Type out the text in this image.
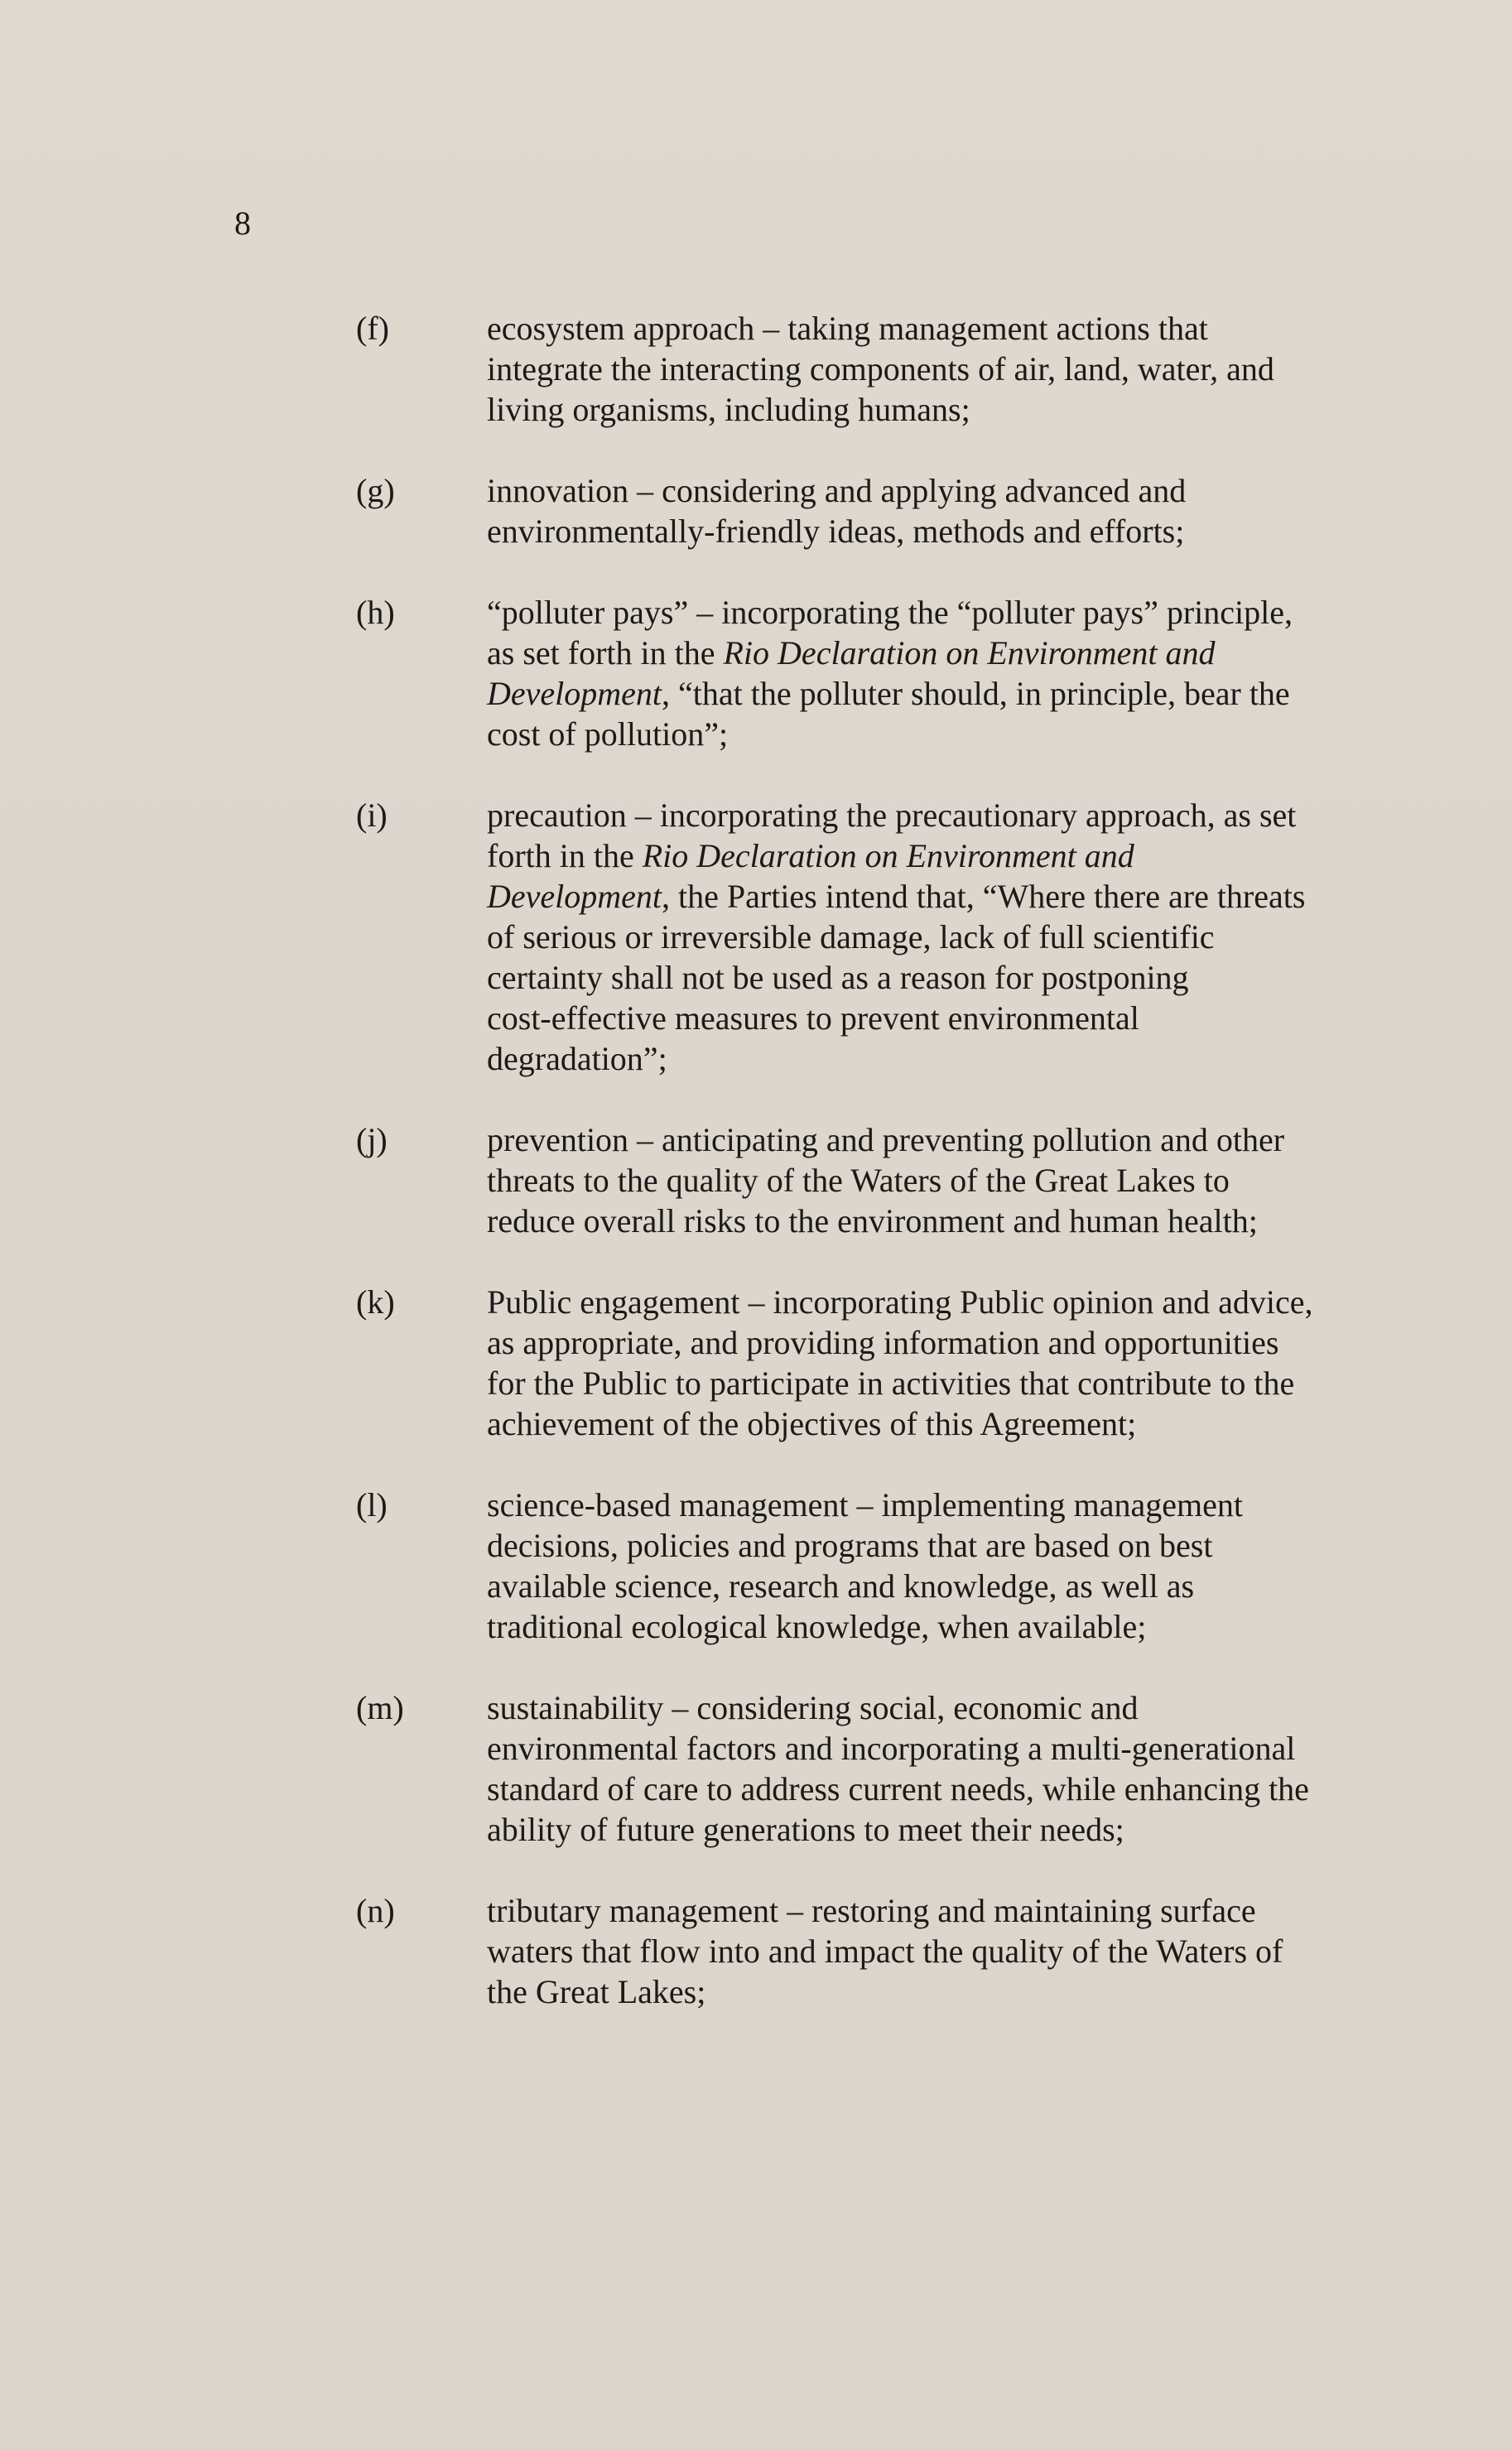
8
(f)	ecosystem approach – taking management actions that
integrate the interacting components of air, land, water, and
living organisms, including humans;
(g)	innovation – considering and applying advanced and
environmentally-friendly ideas, methods and efforts;
(h)	“polluter pays” – incorporating the “polluter pays” principle,
as set forth in the Rio Declaration on Environment and
Development, “that the polluter should, in principle, bear the
cost of pollution”;
(i)	precaution – incorporating the precautionary approach, as set
forth in the Rio Declaration on Environment and
Development, the Parties intend that, “Where there are threats
of serious or irreversible damage, lack of full scientific
certainty shall not be used as a reason for postponing
cost-effective measures to prevent environmental
degradation”;
(j)	prevention – anticipating and preventing pollution and other
threats to the quality of the Waters of the Great Lakes to
reduce overall risks to the environment and human health;
(k)	Public engagement – incorporating Public opinion and advice,
as appropriate, and providing information and opportunities
for the Public to participate in activities that contribute to the
achievement of the objectives of this Agreement;
(l)	science-based management – implementing management
decisions, policies and programs that are based on best
available science, research and knowledge, as well as
traditional ecological knowledge, when available;
(m)	sustainability – considering social, economic and
environmental factors and incorporating a multi-generational
standard of care to address current needs, while enhancing the
ability of future generations to meet their needs;
(n)	tributary management – restoring and maintaining surface
waters that flow into and impact the quality of the Waters of
the Great Lakes;
